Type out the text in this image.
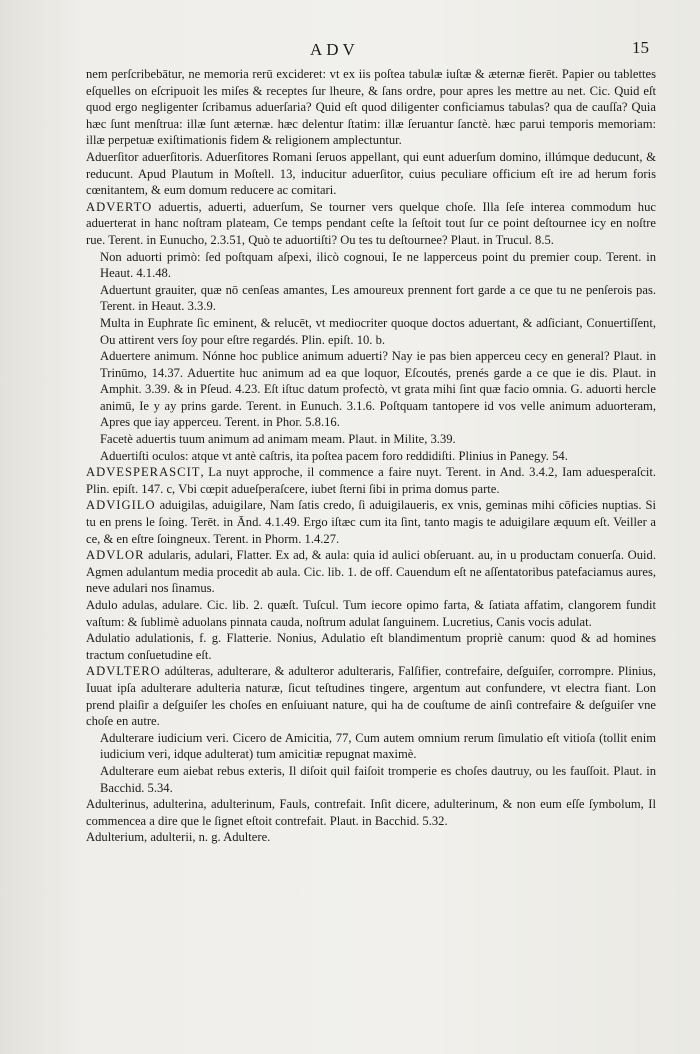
ADV	15

nem perſcribebātur, ne memoria rerū excideret: vt ex iis poſtea tabulæ iuſtæ & æternæ fierēt. Papier ou tablettes eſquelles on eſcripuoit les miſes & receptes ſur lheure, & ſans ordre, pour apres les mettre au net. Cic. Quid eſt quod ergo negligenter ſcribamus aduerſaria? Quid eſt quod diligenter conficiamus tabulas? qua de cauſſa? Quia hæc ſunt menſtrua: illæ ſunt æternæ. hæc delentur ſtatim: illæ ſeruantur ſanctè. hæc parui temporis memoriam: illæ perpetuæ exiſtimationis fidem & religionem amplectuntur.

Aduerſitor aduerſitoris. Aduerſitores Romani ſeruos appellant, qui eunt aduerſum domino, illúmque deducunt, & reducunt. Apud Plautum in Moſtell. 13, inducitur aduerſitor, cuius peculiare officium eſt ire ad herum foris cœnitantem, & eum domum reducere ac comitari.

ADVERTO aduertis, aduerti, aduerſum, Se tourner vers quelque choſe. Illa ſeſe interea commodum huc aduerterat in hanc noſtram plateam, Ce temps pendant ceſte la ſeſtoit tout ſur ce point deſtournee icy en noſtre rue. Terent. in Eunucho, 2.3.51, Quò te aduortiſti? Ou tes tu deſtournee? Plaut. in Trucul. 8.5.

Non aduorti primò: ſed poſtquam aſpexi, ilicò cognoui, Ie ne lapperceus point du premier coup. Terent. in Heaut. 4.1.48.

Aduertunt grauiter, quæ nō cenſeas amantes, Les amoureux prennent fort garde a ce que tu ne penſerois pas. Terent. in Heaut. 3.3.9.

Multa in Euphrate ſic eminent, & relucēt, vt mediocriter quoque doctos aduertant, & adſiciant, Conuertiſſent, Ou attirent vers ſoy pour eſtre regardés. Plin. epiſt. 10. b.

Aduertere animum. Nónne hoc publice animum aduerti? Nay ie pas bien apperceu cecy en general? Plaut. in Trinūmo, 14.37. Aduertite huc animum ad ea que loquor, Eſcoutés, prenés garde a ce que ie dis. Plaut. in Amphit. 3.39. & in Pſeud. 4.23. Eſt iſtuc datum profectò, vt grata mihi ſint quæ facio omnia. G. aduorti hercle animū, Ie y ay prins garde. Terent. in Eunuch. 3.1.6. Poſtquam tantopere id vos velle animum aduorteram, Apres que iay apperceu. Terent. in Phor. 5.8.16.

Facetè aduertis tuum animum ad animam meam. Plaut. in Milite, 3.39.

Aduertiſti oculos: atque vt antè caſtris, ita poſtea pacem foro reddidiſti. Plinius in Panegy. 54.

ADVESPERASCIT, La nuyt approche, il commence a faire nuyt. Terent. in And. 3.4.2, Iam aduesperaſcit. Plin. epiſt. 147. c, Vbi cœpit adueſperaſcere, iubet ſterni ſibi in prima domus parte.

ADVIGILO aduigilas, aduigilare, Nam ſatis credo, ſi aduigilaueris, ex vnis, geminas mihi cōficies nuptias. Si tu en prens le ſoing. Terēt. in Ānd. 4.1.49. Ergo iſtæc cum ita ſint, tanto magis te aduigilare æquum eſt. Veiller a ce, & en eſtre ſoingneux. Terent. in Phorm. 1.4.27.

ADVLOR adularis, adulari, Flatter. Ex ad, & aula: quia id aulici obſeruant. au, in u productam conuerſa. Ouid. Agmen adulantum media procedit ab aula. Cic. lib. 1. de off. Cauendum eſt ne aſſentatoribus patefaciamus aures, neve adulari nos ſinamus.

Adulo adulas, adulare. Cic. lib. 2. quæſt. Tuſcul. Tum iecore opimo farta, & ſatiata affatim, clangorem fundit vaſtum: & ſublimè aduolans pinnata cauda, noſtrum adulat ſanguinem. Lucretius, Canis vocis adulat.

Adulatio adulationis, f. g. Flatterie. Nonius, Adulatio eſt blandimentum propriè canum: quod & ad homines tractum conſuetudine eſt.

ADVLTERO adúlteras, adulterare, & adulteror adulteraris, Falſifier, contrefaire, deſguiſer, corrompre. Plinius, Iuuat ipſa adulterare adulteria naturæ, ſicut teſtudines tingere, argentum aut confundere, vt electra fiant. Lon prend plaiſir a deſguiſer les choſes en enſuiuant nature, qui ha de couſtume de ainſi contrefaire & deſguiſer vne choſe en autre.

Adulterare iudicium veri. Cicero de Amicitia, 77, Cum autem omnium rerum ſimulatio eſt vitioſa (tollit enim iudicium veri, idque adulterat) tum amicitiæ repugnat maximè.

Adulterare eum aiebat rebus exteris, Il diſoit quil faiſoit tromperie es choſes dautruy, ou les fauſſoit. Plaut. in Bacchid. 5.34.

Adulterinus, adulterina, adulterinum, Fauls, contrefait. Inſit dicere, adulterinum, & non eum eſſe ſymbolum, Il commencea a dire que le ſignet eſtoit contrefait. Plaut. in Bacchid. 5.32.

Adulterium, adulterii, n. g. Adultere.
